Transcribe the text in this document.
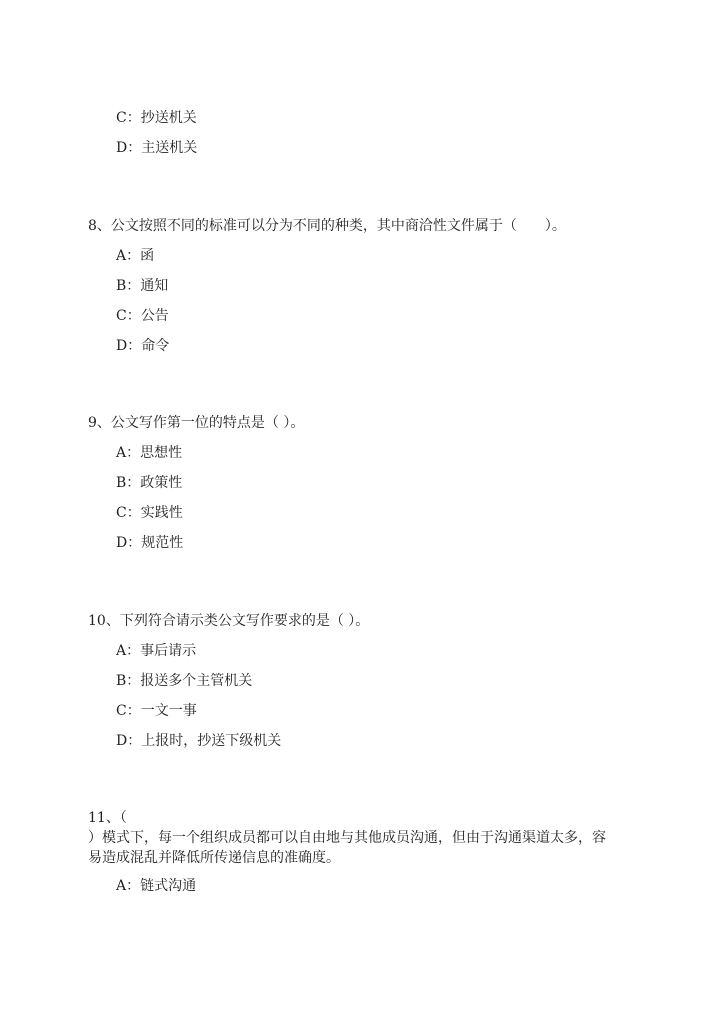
C：抄送机关
D：主送机关
8、公文按照不同的标准可以分为不同的种类，其中商洽性文件属于（　　）。
A：函
B：通知
C：公告
D：命令
9、公文写作第一位的特点是（ ）。
A：思想性
B：政策性
C：实践性
D：规范性
10、下列符合请示类公文写作要求的是（ ）。
A：事后请示
B：报送多个主管机关
C：一文一事
D：上报时，抄送下级机关
11、（
）模式下，每一个组织成员都可以自由地与其他成员沟通，但由于沟通渠道太多，容
易造成混乱并降低所传递信息的准确度。
A：链式沟通
